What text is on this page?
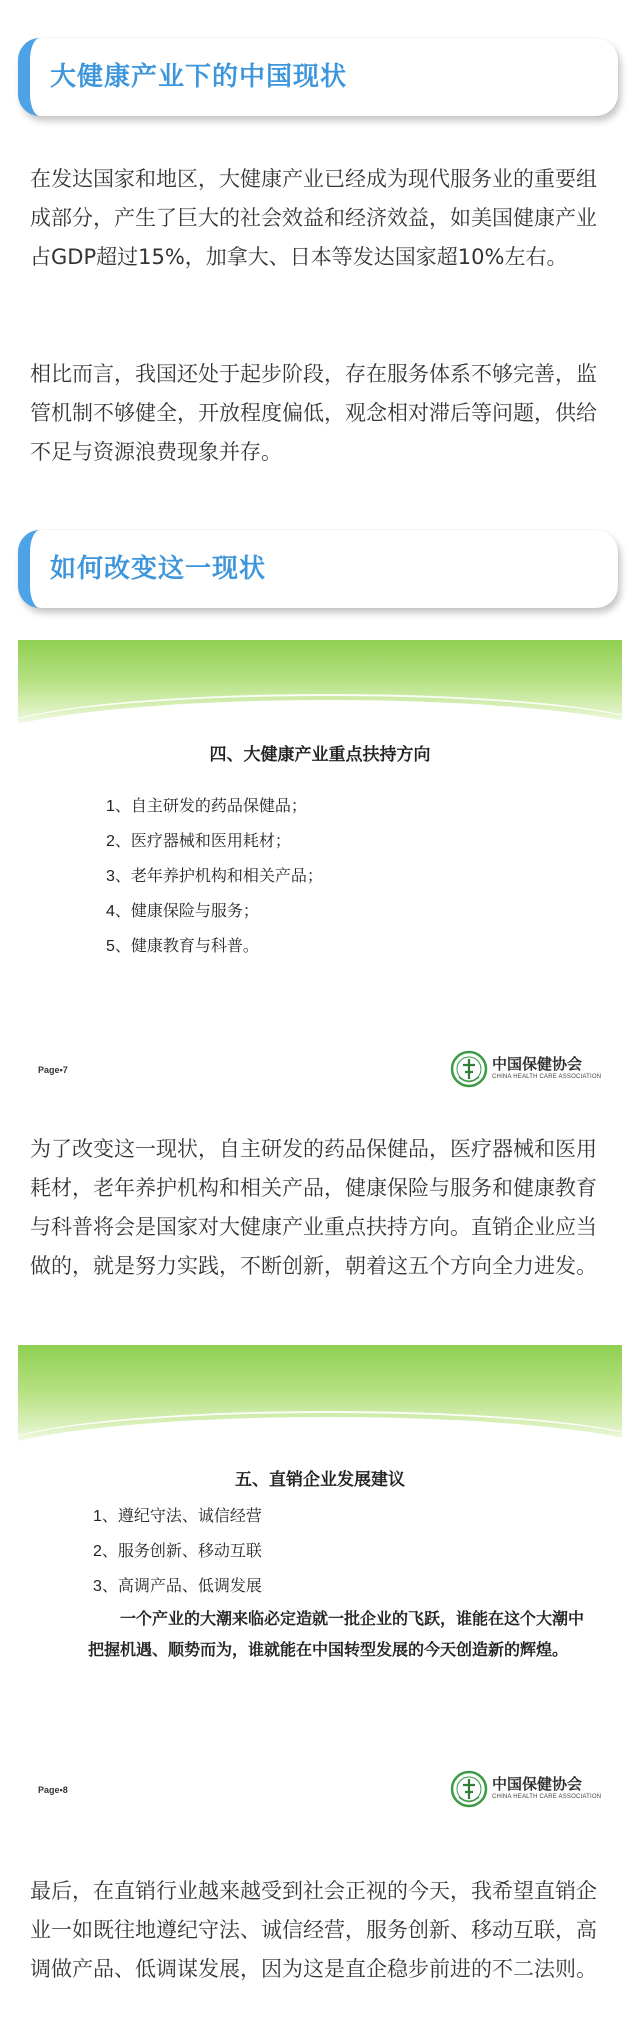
大健康产业下的中国现状

在发达国家和地区，大健康产业已经成为现代服务业的重要组成部分，产生了巨大的社会效益和经济效益，如美国健康产业占GDP超过15%，加拿大、日本等发达国家超10%左右。

相比而言，我国还处于起步阶段，存在服务体系不够完善，监管机制不够健全，开放程度偏低，观念相对滞后等问题，供给不足与资源浪费现象并存。

如何改变这一现状
四、大健康产业重点扶持方向
1、自主研发的药品保健品；
2、医疗器械和医用耗材；
3、老年养护机构和相关产品；
4、健康保险与服务；
5、健康教育与科普。
Page▪7	中国保健协会
CHINA HEALTH CARE ASSOCIATION

为了改变这一现状，自主研发的药品保健品，医疗器械和医用耗材，老年养护机构和相关产品，健康保险与服务和健康教育与科普将会是国家对大健康产业重点扶持方向。直销企业应当做的，就是努力实践，不断创新，朝着这五个方向全力进发。

五、直销企业发展建议
1、遵纪守法、诚信经营
2、服务创新、移动互联
3、高调产品、低调发展

一个产业的大潮来临必定造就一批企业的飞跃，谁能在这个大潮中把握机遇、顺势而为，谁就能在中国转型发展的今天创造新的辉煌。

Page▪8	中国保健协会
CHINA HEALTH CARE ASSOCIATION

最后，在直销行业越来越受到社会正视的今天，我希望直销企业一如既往地遵纪守法、诚信经营，服务创新、移动互联，高调做产品、低调谋发展，因为这是直企稳步前进的不二法则。
